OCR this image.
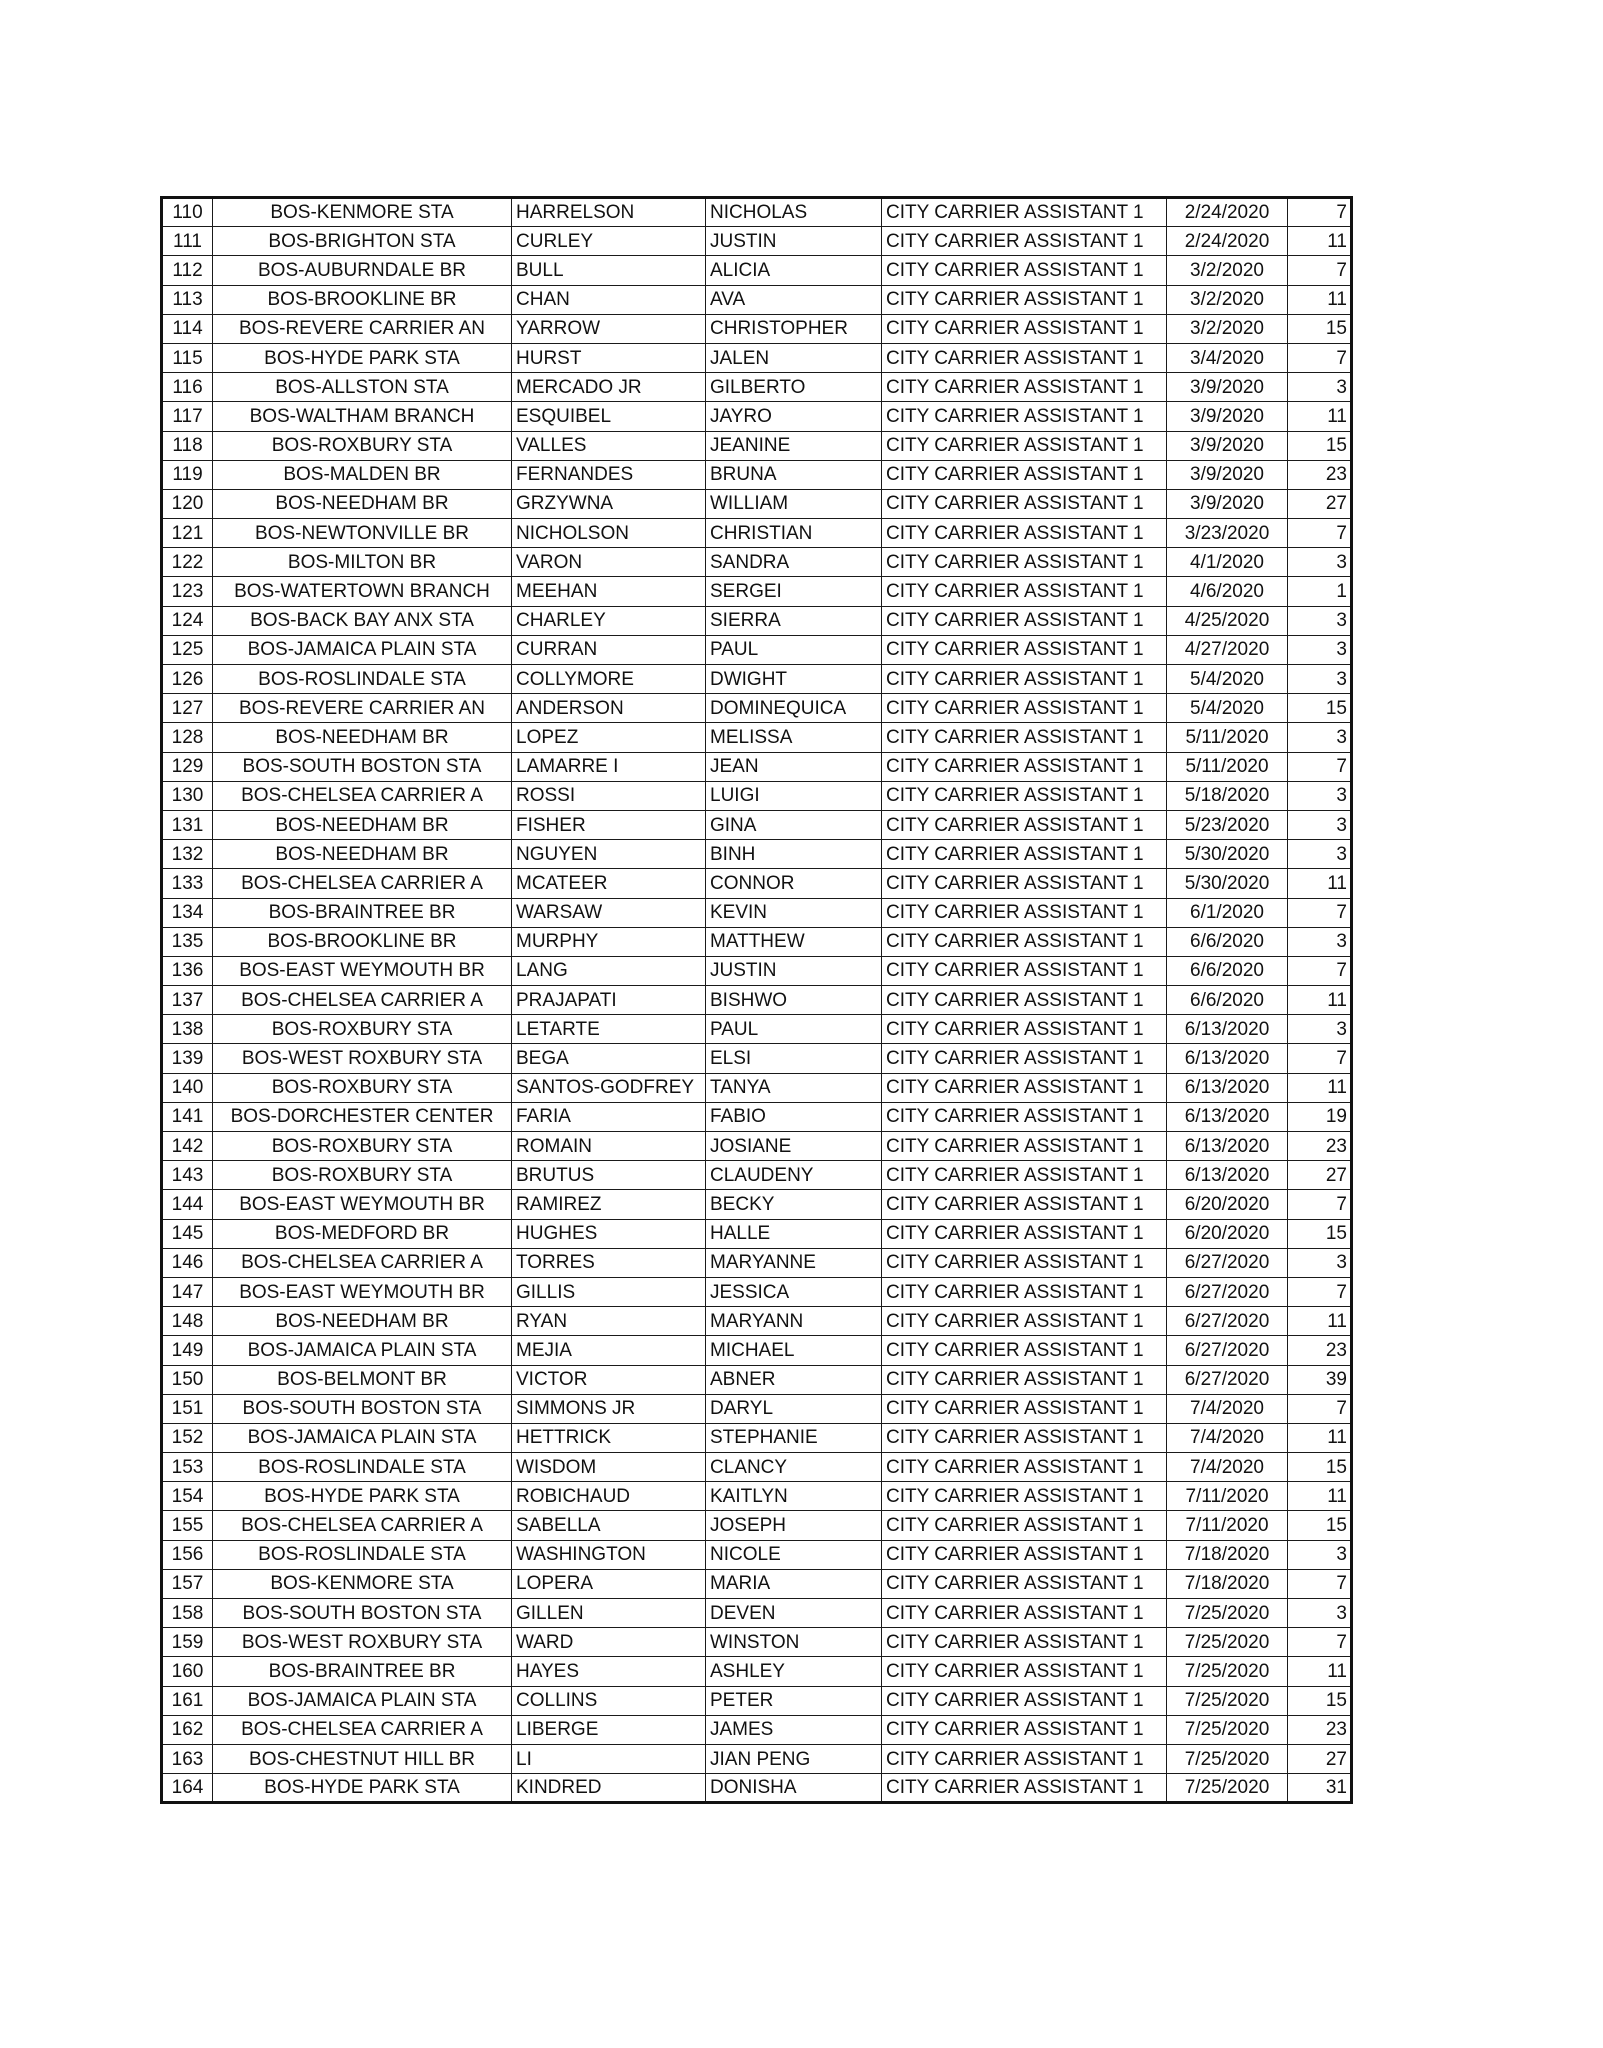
110	BOS-KENMORE STA	HARRELSON	NICHOLAS	CITY CARRIER ASSISTANT 1	2/24/2020	7
111	BOS-BRIGHTON STA	CURLEY	JUSTIN	CITY CARRIER ASSISTANT 1	2/24/2020	11
112	BOS-AUBURNDALE BR	BULL	ALICIA	CITY CARRIER ASSISTANT 1	3/2/2020	7
113	BOS-BROOKLINE BR	CHAN	AVA	CITY CARRIER ASSISTANT 1	3/2/2020	11
114	BOS-REVERE CARRIER AN	YARROW	CHRISTOPHER	CITY CARRIER ASSISTANT 1	3/2/2020	15
115	BOS-HYDE PARK STA	HURST	JALEN	CITY CARRIER ASSISTANT 1	3/4/2020	7
116	BOS-ALLSTON STA	MERCADO JR	GILBERTO	CITY CARRIER ASSISTANT 1	3/9/2020	3
117	BOS-WALTHAM BRANCH	ESQUIBEL	JAYRO	CITY CARRIER ASSISTANT 1	3/9/2020	11
118	BOS-ROXBURY STA	VALLES	JEANINE	CITY CARRIER ASSISTANT 1	3/9/2020	15
119	BOS-MALDEN BR	FERNANDES	BRUNA	CITY CARRIER ASSISTANT 1	3/9/2020	23
120	BOS-NEEDHAM BR	GRZYWNA	WILLIAM	CITY CARRIER ASSISTANT 1	3/9/2020	27
121	BOS-NEWTONVILLE BR	NICHOLSON	CHRISTIAN	CITY CARRIER ASSISTANT 1	3/23/2020	7
122	BOS-MILTON BR	VARON	SANDRA	CITY CARRIER ASSISTANT 1	4/1/2020	3
123	BOS-WATERTOWN BRANCH	MEEHAN	SERGEI	CITY CARRIER ASSISTANT 1	4/6/2020	1
124	BOS-BACK BAY ANX STA	CHARLEY	SIERRA	CITY CARRIER ASSISTANT 1	4/25/2020	3
125	BOS-JAMAICA PLAIN STA	CURRAN	PAUL	CITY CARRIER ASSISTANT 1	4/27/2020	3
126	BOS-ROSLINDALE STA	COLLYMORE	DWIGHT	CITY CARRIER ASSISTANT 1	5/4/2020	3
127	BOS-REVERE CARRIER AN	ANDERSON	DOMINEQUICA	CITY CARRIER ASSISTANT 1	5/4/2020	15
128	BOS-NEEDHAM BR	LOPEZ	MELISSA	CITY CARRIER ASSISTANT 1	5/11/2020	3
129	BOS-SOUTH BOSTON STA	LAMARRE I	JEAN	CITY CARRIER ASSISTANT 1	5/11/2020	7
130	BOS-CHELSEA CARRIER A	ROSSI	LUIGI	CITY CARRIER ASSISTANT 1	5/18/2020	3
131	BOS-NEEDHAM BR	FISHER	GINA	CITY CARRIER ASSISTANT 1	5/23/2020	3
132	BOS-NEEDHAM BR	NGUYEN	BINH	CITY CARRIER ASSISTANT 1	5/30/2020	3
133	BOS-CHELSEA CARRIER A	MCATEER	CONNOR	CITY CARRIER ASSISTANT 1	5/30/2020	11
134	BOS-BRAINTREE BR	WARSAW	KEVIN	CITY CARRIER ASSISTANT 1	6/1/2020	7
135	BOS-BROOKLINE BR	MURPHY	MATTHEW	CITY CARRIER ASSISTANT 1	6/6/2020	3
136	BOS-EAST WEYMOUTH BR	LANG	JUSTIN	CITY CARRIER ASSISTANT 1	6/6/2020	7
137	BOS-CHELSEA CARRIER A	PRAJAPATI	BISHWO	CITY CARRIER ASSISTANT 1	6/6/2020	11
138	BOS-ROXBURY STA	LETARTE	PAUL	CITY CARRIER ASSISTANT 1	6/13/2020	3
139	BOS-WEST ROXBURY STA	BEGA	ELSI	CITY CARRIER ASSISTANT 1	6/13/2020	7
140	BOS-ROXBURY STA	SANTOS-GODFREY	TANYA	CITY CARRIER ASSISTANT 1	6/13/2020	11
141	BOS-DORCHESTER CENTER	FARIA	FABIO	CITY CARRIER ASSISTANT 1	6/13/2020	19
142	BOS-ROXBURY STA	ROMAIN	JOSIANE	CITY CARRIER ASSISTANT 1	6/13/2020	23
143	BOS-ROXBURY STA	BRUTUS	CLAUDENY	CITY CARRIER ASSISTANT 1	6/13/2020	27
144	BOS-EAST WEYMOUTH BR	RAMIREZ	BECKY	CITY CARRIER ASSISTANT 1	6/20/2020	7
145	BOS-MEDFORD BR	HUGHES	HALLE	CITY CARRIER ASSISTANT 1	6/20/2020	15
146	BOS-CHELSEA CARRIER A	TORRES	MARYANNE	CITY CARRIER ASSISTANT 1	6/27/2020	3
147	BOS-EAST WEYMOUTH BR	GILLIS	JESSICA	CITY CARRIER ASSISTANT 1	6/27/2020	7
148	BOS-NEEDHAM BR	RYAN	MARYANN	CITY CARRIER ASSISTANT 1	6/27/2020	11
149	BOS-JAMAICA PLAIN STA	MEJIA	MICHAEL	CITY CARRIER ASSISTANT 1	6/27/2020	23
150	BOS-BELMONT BR	VICTOR	ABNER	CITY CARRIER ASSISTANT 1	6/27/2020	39
151	BOS-SOUTH BOSTON STA	SIMMONS JR	DARYL	CITY CARRIER ASSISTANT 1	7/4/2020	7
152	BOS-JAMAICA PLAIN STA	HETTRICK	STEPHANIE	CITY CARRIER ASSISTANT 1	7/4/2020	11
153	BOS-ROSLINDALE STA	WISDOM	CLANCY	CITY CARRIER ASSISTANT 1	7/4/2020	15
154	BOS-HYDE PARK STA	ROBICHAUD	KAITLYN	CITY CARRIER ASSISTANT 1	7/11/2020	11
155	BOS-CHELSEA CARRIER A	SABELLA	JOSEPH	CITY CARRIER ASSISTANT 1	7/11/2020	15
156	BOS-ROSLINDALE STA	WASHINGTON	NICOLE	CITY CARRIER ASSISTANT 1	7/18/2020	3
157	BOS-KENMORE STA	LOPERA	MARIA	CITY CARRIER ASSISTANT 1	7/18/2020	7
158	BOS-SOUTH BOSTON STA	GILLEN	DEVEN	CITY CARRIER ASSISTANT 1	7/25/2020	3
159	BOS-WEST ROXBURY STA	WARD	WINSTON	CITY CARRIER ASSISTANT 1	7/25/2020	7
160	BOS-BRAINTREE BR	HAYES	ASHLEY	CITY CARRIER ASSISTANT 1	7/25/2020	11
161	BOS-JAMAICA PLAIN STA	COLLINS	PETER	CITY CARRIER ASSISTANT 1	7/25/2020	15
162	BOS-CHELSEA CARRIER A	LIBERGE	JAMES	CITY CARRIER ASSISTANT 1	7/25/2020	23
163	BOS-CHESTNUT HILL BR	LI	JIAN PENG	CITY CARRIER ASSISTANT 1	7/25/2020	27
164	BOS-HYDE PARK STA	KINDRED	DONISHA	CITY CARRIER ASSISTANT 1	7/25/2020	31
